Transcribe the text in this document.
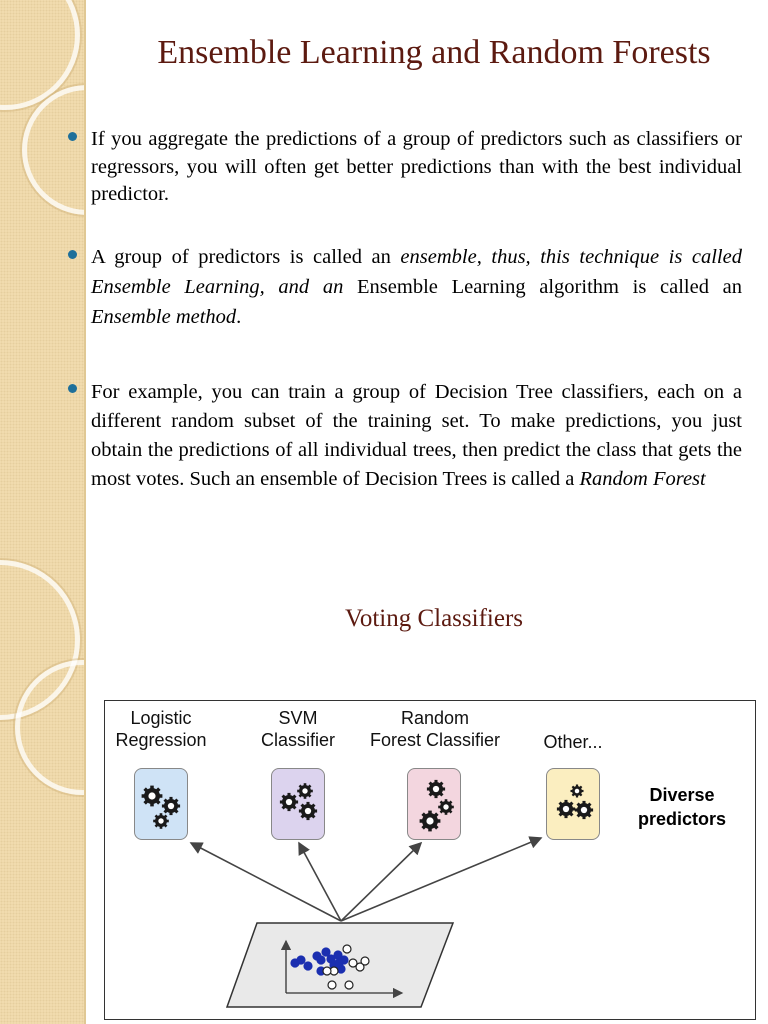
Ensemble Learning and Random Forests

If you aggregate the predictions of a group of predictors such as classifiers or regressors, you will often get better predictions than with the best individual predictor.

A group of predictors is called an ensemble, thus, this technique is called Ensemble Learning, and an Ensemble Learning algorithm is called an Ensemble method.

For example, you can train a group of Decision Tree classifiers, each on a different random subset of the training set. To make predictions, you just obtain the predictions of all individual trees, then predict the class that gets the most votes. Such an ensemble of Decision Trees is called a Random Forest

Voting Classifiers
Logistic
Regression
SVM
Classifier
Random
Forest Classifier	Other...
Diverse
predictors
